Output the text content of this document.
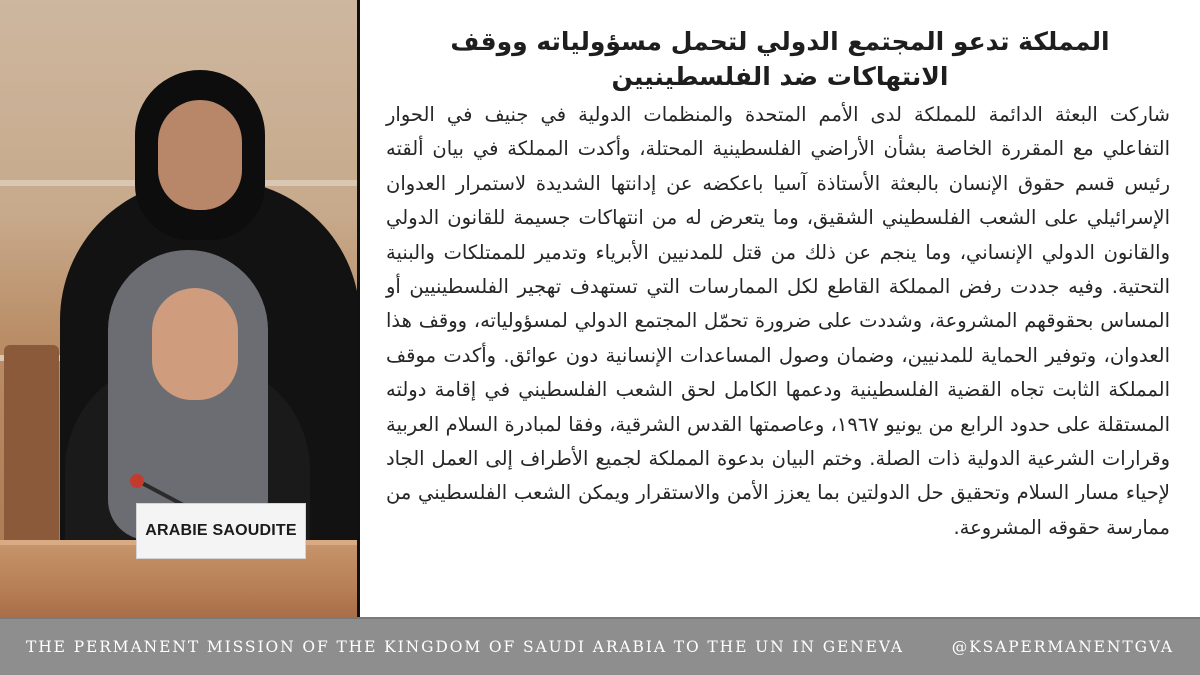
ARABIE SAOUDITE
المملكة تدعو المجتمع الدولي لتحمل مسؤولياته ووقف الانتهاكات ضد الفلسطينيين
شاركت البعثة الدائمة للمملكة لدى الأمم المتحدة والمنظمات الدولية في جنيف في الحوار التفاعلي مع المقررة الخاصة بشأن الأراضي الفلسطينية المحتلة، وأكدت المملكة في بيان ألقته رئيس قسم حقوق الإنسان بالبعثة الأستاذة آسيا باعكضه عن إدانتها الشديدة لاستمرار العدوان الإسرائيلي على الشعب الفلسطيني الشقيق، وما يتعرض له من انتهاكات جسيمة للقانون الدولي والقانون الدولي الإنساني، وما ينجم عن ذلك من قتل للمدنيين الأبرياء وتدمير للممتلكات والبنية التحتية. وفيه جددت رفض المملكة القاطع لكل الممارسات التي تستهدف تهجير الفلسطينيين أو المساس بحقوقهم المشروعة، وشددت على ضرورة تحمّل المجتمع الدولي لمسؤولياته، ووقف هذا العدوان، وتوفير الحماية للمدنيين، وضمان وصول المساعدات الإنسانية دون عوائق. وأكدت موقف المملكة الثابت تجاه القضية الفلسطينية ودعمها الكامل لحق الشعب الفلسطيني في إقامة دولته المستقلة على حدود الرابع من يونيو ١٩٦٧، وعاصمتها القدس الشرقية، وفقا لمبادرة السلام العربية وقرارات الشرعية الدولية ذات الصلة. وختم البيان بدعوة المملكة لجميع الأطراف إلى العمل الجاد لإحياء مسار السلام وتحقيق حل الدولتين بما يعزز الأمن والاستقرار ويمكن الشعب الفلسطيني من ممارسة حقوقه المشروعة.
THE PERMANENT MISSION OF THE KINGDOM OF SAUDI ARABIA TO THE UN IN GENEVA	@KSAPERMANENTGVA
